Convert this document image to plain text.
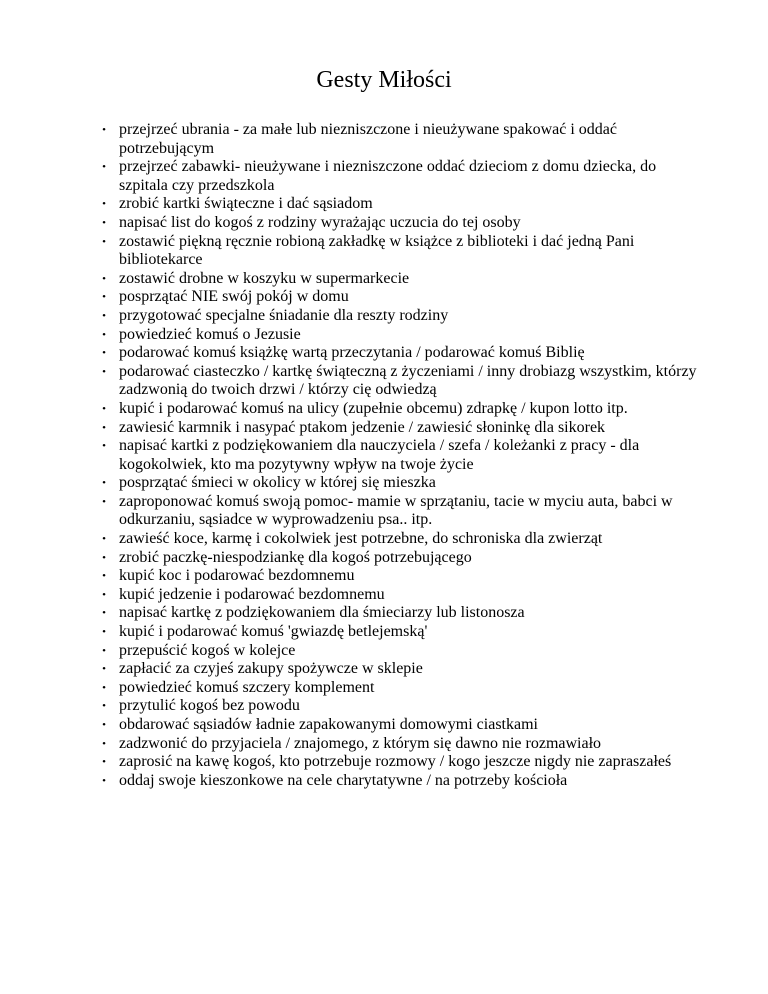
Gesty Miłości
• przejrzeć ubrania - za małe lub niezniszczone i nieużywane spakować i oddać potrzebującym
• przejrzeć zabawki- nieużywane i niezniszczone oddać dzieciom z domu dziecka, do szpitala czy przedszkola
• zrobić kartki świąteczne i dać sąsiadom
• napisać list do kogoś z rodziny wyrażając uczucia do tej osoby
• zostawić piękną ręcznie robioną zakładkę w książce z biblioteki i dać jedną Pani bibliotekarce
• zostawić drobne w koszyku w supermarkecie
• posprzątać NIE swój pokój w domu
• przygotować specjalne śniadanie dla reszty rodziny
• powiedzieć komuś o Jezusie
• podarować komuś książkę wartą przeczytania / podarować komuś Biblię
• podarować ciasteczko / kartkę świąteczną z życzeniami / inny drobiazg wszystkim, którzy zadzwonią do twoich drzwi / którzy cię odwiedzą
• kupić i podarować komuś na ulicy (zupełnie obcemu) zdrapkę / kupon lotto itp.
• zawiesić karmnik i nasypać ptakom jedzenie / zawiesić słoninkę dla sikorek
• napisać kartki z podziękowaniem dla nauczyciela / szefa / koleżanki z pracy - dla kogokolwiek, kto ma pozytywny wpływ na twoje życie
• posprzątać śmieci w okolicy w której się mieszka
• zaproponować komuś swoją pomoc- mamie w sprzątaniu, tacie w myciu auta, babci w odkurzaniu, sąsiadce w wyprowadzeniu psa.. itp.
• zawieść koce, karmę i cokolwiek jest potrzebne, do schroniska dla zwierząt
• zrobić paczkę-niespodziankę dla kogoś potrzebującego
• kupić koc i podarować bezdomnemu
• kupić jedzenie i podarować bezdomnemu
• napisać kartkę z podziękowaniem dla śmieciarzy lub listonosza
• kupić i podarować komuś 'gwiazdę betlejemską'
• przepuścić kogoś w kolejce
• zapłacić za czyjeś zakupy spożywcze w sklepie
• powiedzieć komuś szczery komplement
• przytulić kogoś bez powodu
• obdarować sąsiadów ładnie zapakowanymi domowymi ciastkami
• zadzwonić do przyjaciela / znajomego, z którym się dawno nie rozmawiało
• zaprosić na kawę kogoś, kto potrzebuje rozmowy / kogo jeszcze nigdy nie zapraszałeś
• oddaj swoje kieszonkowe na cele charytatywne / na potrzeby kościoła
